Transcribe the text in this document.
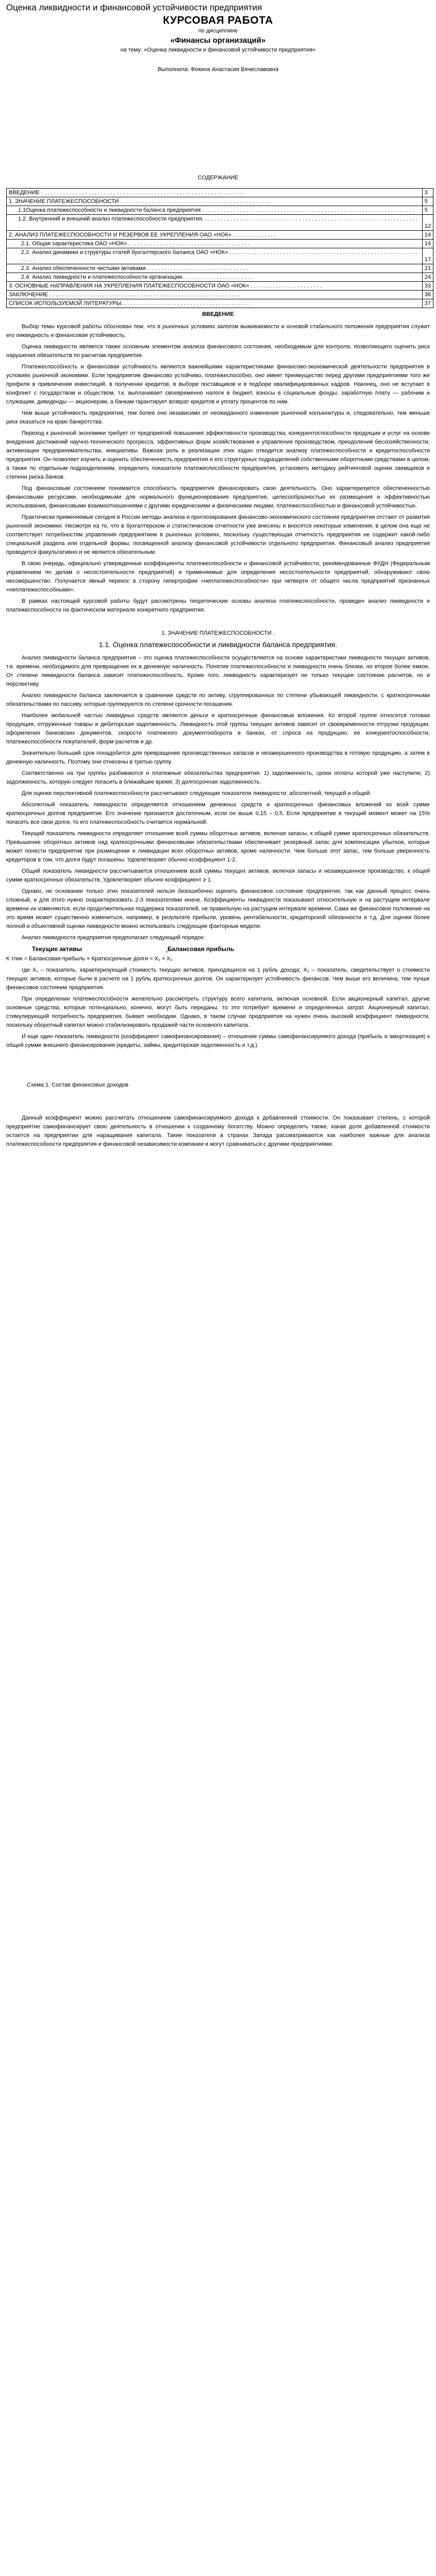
Оценка ликвидности и финансовой устойчивости предприятия
КУРСОВАЯ РАБОТА
по дисциплине
«Финансы организаций»
на тему: «Оценка ликвидности и финансовой устойчивости предприятия»
Выполнила: Фокина Анастасия Вячеславовна
СОДЕРЖАНИЕ
ВВЕДЕНИЕ . . . . . . . . . . . . . . . . . . . . . . . . . . . . . . . . . . . . . . . . . . . . . . . . . . . . . . . . . . . . . . . . .	3
1. ЗНАЧЕНИЕ ПЛАТЕЖЕСПОСОБНОСТИ . . . . . . . . . . . . . . . . . . . . . . . . . . . . . . . . . . . . . . . . . . . . . . . .	5
1.1Оценка платежеспособности и ликвидности баланса предприятия . . . . . . . . . . . . . . . . . . . . . . . . . . . . . . . . . . . . . . . . . . . . . . . . . . . . . . . . . . . . . . . . . . . .	5
1.2. Внутренний и внешний анализ платежеспособности предприятия. . . . . . . . . . . . . . . . . . . . . . . . . . . . . . . . . . . . . . . . . . . . . . . . . . . . . . . . . . . . . . . . . . . . . .	12
2. АНАЛИЗ ПЛАТЕЖЕСПОСОБНОСТИ И РЕЗЕРВОВ ЕЕ УКРЕПЛЕНИЯ ОАО «НОК» . . . . . . . . . . . . . .	14
2.1. Общая характеристика ОАО «НОК» . . . . . . . . . . . . . . . . . . . . . . . . . . . . . . . . . . . . . . .	14
2.2. Анализ динамики и структуры статей бухгалтерского баланса ОАО «НОК» . . . . . . . . . . . . . . . . . . . . . . . . . . . . . . . . . . . . . . . . . . . . . . . . . . . . . . . . . . . . . . . . .	17
2.3. Анализ обеспеченности чистыми активами. . . . . . . . . . . . . . . . . . . . . . . . . . . . . . . . .	21
2.4. Анализ ликвидности и платежеспособности организации. . . . . . . . . . . . . . . . . . . . . . .	24
3. ОСНОВНЫЕ НАПРАВЛЕНИЯ НА УКРЕПЛЕНИЯ ПЛАТЕЖЕСПОСОБНОСТИ ОАО «НОК» . . . . . . . . . . . . . . . . . . . . . . .	33
ЗАКЛЮЧЕНИЕ . . . . . . . . . . . . . . . . . . . . . . . . . . . . . . . . . . . . . . . . . . . . . . . . . . . . . . . . . . . . .	36
СПИСОК ИСПОЛЬЗУЕМОЙ ЛИТЕРАТУРЫ. . . . . . . . . . . . . . . . . . . . . . . . . . . . . . . . . . . . . . . . .	37
ВВЕДЕНИЕ

Выбор темы курсовой работы обоснован тем, что в рыночных условиях залогом выживаемости и основой стабильного положения предприятия служит его ликвидность и финансовая устойчивость.

Оценка ликвидности является также основным элементом анализа финансового состояния, необходимым для контроля, позволяющего оценить риск нарушения обязательств по расчетам предприятия.

Платежеспособность и финансовая устойчивость являются важнейшими характеристиками финансово-экономической деятельности предприятия в условиях рыночной экономики. Если предприятие финансово устойчиво, платежеспособно, оно имеет преимущество перед другими предприятиями того же профиля в привлечении инвестиций, в получении кредитов, в выборе поставщиков и в подборе квалифицированных кадров. Наконец, оно не вступает в конфликт с государством и обществом, т.к. выплачивает своевременно налоги в бюджет, взносы в социальные фонды, заработную плату — рабочим и служащим, дивиденды — акционерам, а банкам гарантирует возврат кредитов и уплату процентов по ним.

Чем выше устойчивость предприятия, тем более оно независимо от неожиданного изменения рыночной конъюнктуры и, следовательно, тем меньше риск оказаться на краю банкротства.

Переход к рыночной экономики требует от предприятий повышения эффективности производства, конкурентоспособности продукции и услуг на основе внедрения достижений научно-технического прогресса, эффективных форм хозяйствования и управления производством, преодоления бесхозяйственности, активизации предпринимательства, инициативы. Важная роль в реализации этих задач отводится анализу платежеспособности и кредитоспособности предприятия. Он позволяет изучить и оценить обеспеченность предприятия и его структурных подразделений собственными оборотными средствами в целом, а также по отдельным подразделениям, определить показатели платежеспособности предприятия, установить методику рейтинговой оценки заемщиков и степени риска банков.

Под финансовым состоянием понимается способность предприятия финансировать свою деятельность. Оно характеризуется обеспеченностью финансовыми ресурсами, необходимыми для нормального функционирования предприятия, целесообразностью их размещения и эффективностью использования, финансовыми взаимоотношениями с другими юридическими и физическими лицами, платежеспособностью и финансовой устойчивостью.

Практически применяемые сегодня в России методы анализа и прогнозирования финансово-экономического состояния предприятия отстают от развития рыночной экономики. Несмотря на то, что в бухгалтерском и статистическом отчетности уже внесены и вносятся некоторые изменения, в целом она еще не соответствует потребностям управления предприятием в рыночных условиях, поскольку существующая отчетность предприятия не содержит какой-либо специальной раздела или отдельной формы, посвященной анализу финансовой устойчивости отдельного предприятия. Финансовый анализ предприятия проводится факультативно и не является обязательным.

В свою очередь, официально утвержденные коэффициенты платежеспособности и финансовой устойчивости, рекомендованные ФУДН (Федеральным управлением по делам о несостоятельности предприятий) и применяемые для определения несостоятельности предприятий, обнаруживают свою несовершенство. Получается явный перекос в сторону гипертрофии «неплатежеспособности» при четверти от общего числа предприятий признанных «неплатежеспособными».

В рамках настоящей курсовой работы будут рассмотрены теоретические основы анализа платежеспособности, проведен анализ ликвидности и платежеспособности на фактическом материале конкретного предприятия.

1. ЗНАЧЕНИЕ ПЛАТЕЖЕСПОСОБНОСТИ .
1.1. Оценка платежеспособности и ликвидности баланса предприятия.

Анализ ликвидности баланса предприятия – это оценка платежеспособности осуществляется на основе характеристики ликвидности текущих активов, т.е. времени, необходимого для превращения их в денежную наличность. Понятия платежеспособности и ликвидности очень близки, но второе более емкое. От степени ликвидности баланса зависит платежеспособность. Кроме того, ликвидность характеризует не только текущее состояние расчетов, но и перспективу.

Анализ ликвидности баланса заключается в сравнении средств по активу, сгруппированных по степени убывающей ликвидности, с краткосрочными обязательствами по пассиву, которые группируются по степени срочности погашения.

Наиболее мобильной частью ликвидных средств являются деньги и краткосрочные финансовые вложения. Ко второй группе относятся готовая продукция, отгруженные товары и дебиторская задолженность. Ликвидность этой группы текущих активов зависит от своевременности отгрузки продукции, оформления банковских документов, скорости платежного документооборота в банках, от спроса на продукцию, ее конкурентоспособности, платежеспособности покупателей, форм расчетов и др.

Значительно больший срок понадобится для превращения производственных запасов и незавершенного производства в готовую продукцию, а затем в денежную наличность. Поэтому они отнесены в третью группу.

Соответственно на три группы разбиваются и платежные обязательства предприятия: 1) задолженность, сроки оплаты которой уже наступили; 2) задолженность, которую следует погасить в ближайшее время; 3) долгосрочная задолженность.

Для оценки перспективной платежеспособности рассчитывают следующие показатели ликвидности: абсолютной, текущей и общей.

Абсолютный показатель ликвидности определяется отношением денежных средств и краткосрочных финансовых вложений ко всей сумме краткосрочных долгов предприятия. Его значение признается достаточным, если он выше 0,15 – 0,5. Если предприятие в текущий момент может на 15% погасить все свои долги, то его платежеспособность считается нормальной.

Текущий показатель ликвидности определяет отношение всей суммы оборотных активов, включая запасы, к общей сумме краткосрочных обязательств. Превышение оборотных активов над краткосрочными финансовыми обязательствами обеспечивает резервный запас для компенсации убытков, которые может понести предприятие при размещении и ликвидации всех оборотных активов, кроме наличности. Чем больше этот запас, тем больше уверенность кредиторов в том, что долги будут погашены. Удовлетворяет обычно коэффициент 1-2.

Общий показатель ликвидности рассчитывается отношением всей суммы текущих активов, включая запасы и незавершенное производство, к общей сумме краткосрочных обязательств. Удовлетворяет обычно коэффициент ≥ 1.

Однако, не основании только этих показателей нельзя безошибочно оценить финансовое состояние предприятия, так как данный процесс очень сложный, и для этого нужно охарактеризовать 2-3 показателями иначе. Коэффициенты ликвидности показывают относительную и на растущем интервале времени их изменяются, если продолжительная поддержка показателей, не правильную на растущем интервале времени. Сама же финансовое положение на это время может существенно измениться, например, в результате прибыли, уровень рентабельности, кредиторской обязанности и т.д. Для оценки более полной и объективной оценки ликвидности можно использовать следующие факторные модели.

Анализ ликвидности предприятия предполагает следующий порядок:

Текущие активы	Балансовая прибыль

К тлик = Балансовая прибыль × Краткосрочные долги = X₁ × X₂

где X₁ – показатель, характеризующий стоимость текущих активов, приходящихся на 1 рубль дохода; X₂ – показатель, свидетельствует о стоимости текущих активов, которые были в расчете на 1 рубль краткосрочных долгов. Он характеризует устойчивость финансов. Чем выше его величина, тем лучше финансовое состояние предприятия.

При определении платежеспособности желательно рассмотреть структуру всего капитала, включая основной. Если акционерный капитал, другие основные средства, которые потенциально, конечно, могут быть переданы, то это потребует времени и определенных затрат. Акционерный капитал, стимулирующий потребность предприятия, бывает необходим. Однако, в таком случае предприятия на нужен очень высокий коэффициент ликвидности, поскольку оборотный капитал можно стабилизировать продажей части основного капитала.

И еще один показатель ликвидности (коэффициент самофинансирования) – отношение суммы самофинансируемого дохода (прибыль и амортизация) к общей сумме внешнего финансирования (кредиты, займы, кредиторская задолженность и т.д.).

Схема 1. Состав финансовых доходов

Данный коэффициент можно рассчитать отношением самофинансируемого дохода к добавленной стоимости. Он показывает степень, с которой предприятие самофинансирует свою деятельность в отношении к созданному богатству. Можно определять также, какая доля добавленной стоимости остается на предприятии для наращивания капитала. Такие показатели в странах Запада рассматриваются как наиболее важные для анализа платежеспособности предприятия и финансовой независимости компании и могут сравниваться с другими предприятиями.
